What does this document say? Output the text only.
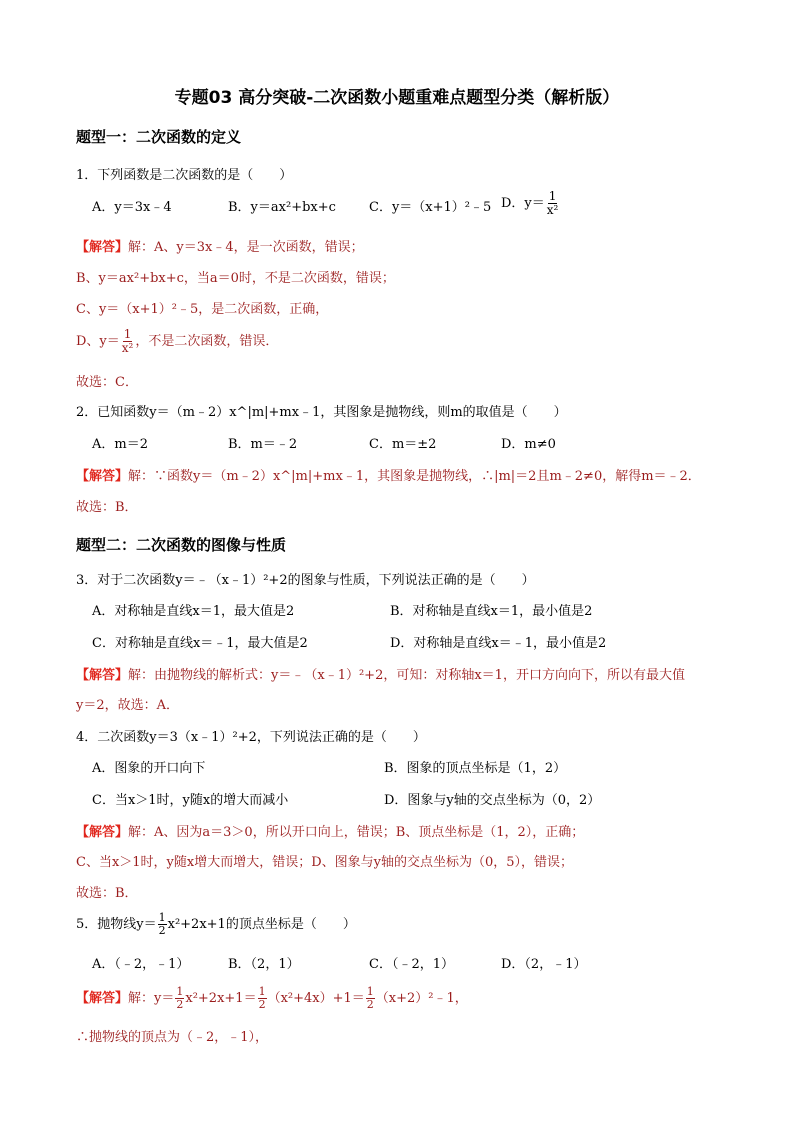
专题03 高分突破-二次函数小题重难点题型分类（解析版）
题型一：二次函数的定义
1．下列函数是二次函数的是（　　）
A．y＝3x﹣4	B．y＝ax²+bx+c	C．y＝（x+1）²﹣5 D．$y= \frac{1}{\text{x²}}$
【解答】解：A、y＝3x﹣4，是一次函数，错误；
B、y＝ax²+bx+c，当a＝0时，不是二次函数，错误；
C、y＝（x+1）²﹣5，是二次函数，正确，
D、$y= \frac{1}{\text{x²}}$ ，不是二次函数，错误．
故选：C．
2．已知函数y＝（m﹣2）x^|m|+mx﹣1，其图象是抛物线，则m的取值是（　　）
A．m＝2	B．m＝﹣2	C．m＝±2	D．m≠0
【解答】解：∵函数y＝（m﹣2）x^|m|+mx﹣1，其图象是抛物线，∴|m|＝2且m﹣2≠0，解得m＝﹣2．
故选：B．
题型二：二次函数的图像与性质
3．对于二次函数y＝﹣（x﹣1）²+2的图象与性质，下列说法正确的是（　　）
A．对称轴是直线x＝1，最大值是2	B．对称轴是直线x＝1，最小值是2
C．对称轴是直线x＝﹣1，最大值是2	D．对称轴是直线x＝﹣1，最小值是2
【解答】解：由抛物线的解析式：y＝﹣（x﹣1）²+2，可知：对称轴x＝1，开口方向向下，所以有最大值
y＝2，故选：A．
4．二次函数y＝3（x﹣1）²+2，下列说法正确的是（　　）
A．图象的开口向下	B．图象的顶点坐标是（1，2）
C．当x＞1时，y随x的增大而减小	D．图象与y轴的交点坐标为（0，2）
【解答】解：A、因为a＝3＞0，所以开口向上，错误；B、顶点坐标是（1，2），正确；
C、当x＞1时，y随x增大而增大，错误；D、图象与y轴的交点坐标为（0，5），错误；
故选：B．
5．抛物线$y= \frac{1}{2} x^2+2x+1$的顶点坐标是（　　）
A．（﹣2，﹣1）	B．（2，1）	C．（﹣2，1）	D．（2，﹣1）
【解答】解：$y= \frac{1}{2} x^2+2x+1= \frac{1}{2} (x^2+4x)+1= \frac{1}{2}$ （x+2）²﹣1，
∴抛物线的顶点为（﹣2，﹣1），
